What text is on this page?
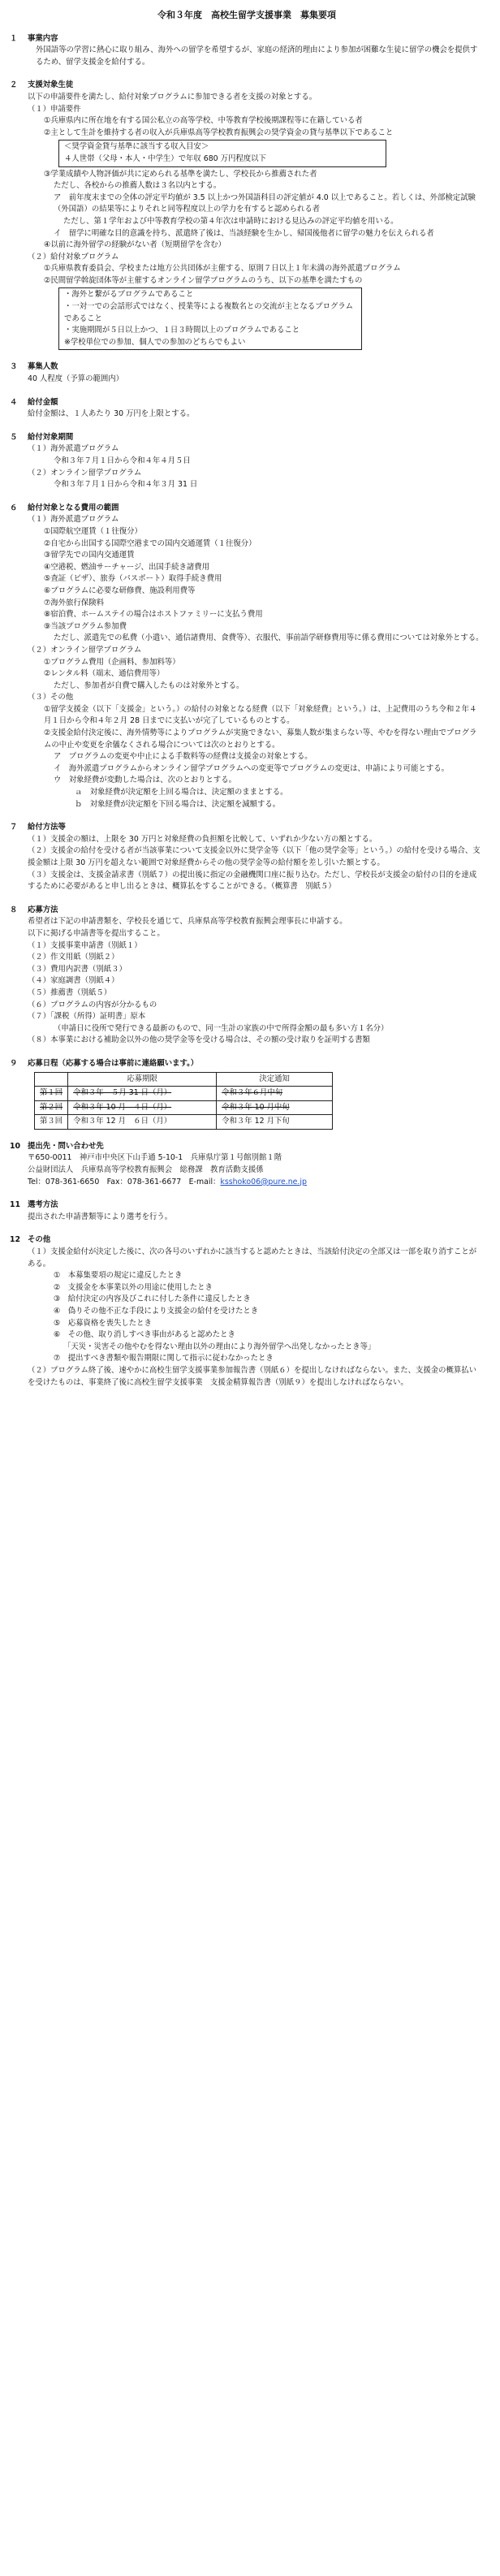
令和３年度　高校生留学支援事業　募集要項
１	事業内容

外国語等の学習に熱心に取り組み、海外への留学を希望するが、家庭の経済的理由により参加が困難な生徒に留学の機会を提供するため、留学支援金を給付する。

２	支援対象生徒

以下の申請要件を満たし、給付対象プログラムに参加できる者を支援の対象とする。

（１）申請要件

①兵庫県内に所在地を有する国公私立の高等学校、中等教育学校後期課程等に在籍している者

②主として生計を維持する者の収入が兵庫県高等学校教育振興会の奨学資金の貸与基準以下であること

＜奨学資金貸与基準に該当する収入目安＞

４人世帯（父母・本人・中学生）で年収 680 万円程度以下

③学業成績や人物評価が共に定められる基準を満たし、学校長から推薦された者

ただし、各校からの推薦人数は３名以内とする。

ア　前年度末までの全体の評定平均値が 3.5 以上かつ外国語科目の評定値が 4.0 以上であること。若しくは、外部検定試験（外国語）の結果等によりそれと同等程度以上の学力を有すると認められる者

ただし、第１学年および中等教育学校の第４年次は申請時における見込みの評定平均値を用いる。

イ　留学に明確な目的意識を持ち、派遣終了後は、当該経験を生かし、帰国後他者に留学の魅力を伝えられる者

④以前に海外留学の経験がない者（短期留学を含む）

（２）給付対象プログラム

①兵庫県教育委員会、学校または地方公共団体が主催する、原則７日以上１年未満の海外派遣プログラム

②民間留学斡旋団体等が主催するオンライン留学プログラムのうち、以下の基準を満たすもの

・海外と繋がるプログラムであること

・一対一での会話形式ではなく、授業等による複数名との交流が主となるプログラムであること

・実施期間が５日以上かつ、１日３時間以上のプログラムであること

※学校単位での参加、個人での参加のどちらでもよい

３	募集人数

40 人程度（予算の範囲内）

４	給付金額

給付金額は、１人あたり 30 万円を上限とする。

５	給付対象期間

（１）海外派遣プログラム

令和３年７月１日から令和４年４月５日

（２）オンライン留学プログラム

令和３年７月１日から令和４年３月 31 日

６	給付対象となる費用の範囲

（１）海外派遣プログラム

①国際航空運賃（１往復分）

②自宅から出国する国際空港までの国内交通運賃（１往復分）

③留学先での国内交通運賃

④空港税、燃油サーチャージ、出国手続き諸費用

⑤査証（ビザ）、旅券（パスポート）取得手続き費用

⑥プログラムに必要な研修費、施設利用費等

⑦海外旅行保険料

⑧宿泊費、ホームステイの場合はホストファミリーに支払う費用

⑨当該プログラム参加費

ただし、派遣先での私費（小遣い、通信諸費用、食費等）、衣服代、事前語学研修費用等に係る費用については対象外とする。

（２）オンライン留学プログラム

①プログラム費用（企画料、参加料等）

②レンタル料（端末、通信費用等）

ただし、参加者が自費で購入したものは対象外とする。

（３）その他

①留学支援金（以下「支援金」という。）の給付の対象となる経費（以下「対象経費」という。）は、上記費用のうち令和２年４月１日から令和４年２月 28 日までに支払いが完了しているものとする。

②支援金給付決定後に、海外情勢等によりプログラムが実施できない、募集人数が集まらない等、やむを得ない理由でプログラムの中止や変更を余儀なくされる場合については次のとおりとする。

ア　プログラムの変更や中止による手数料等の経費は支援金の対象とする。

イ　海外派遣プログラムからオンライン留学プログラムへの変更等でプログラムの変更は、申請により可能とする。

ウ　対象経費が変動した場合は、次のとおりとする。

ａ　対象経費が決定額を上回る場合は、決定額のままとする。

ｂ　対象経費が決定額を下回る場合は、決定額を減額する。

７	給付方法等

（１）支援金の額は、上限を 30 万円と対象経費の負担額を比較して、いずれか少ない方の額とする。

（２）支援金の給付を受ける者が当該事業について支援金以外に奨学金等（以下「他の奨学金等」という。）の給付を受ける場合、支援金額は上限 30 万円を超えない範囲で対象経費からその他の奨学金等の給付額を差し引いた額とする。

（３）支援金は、支援金請求書（別紙７）の提出後に指定の金融機関口座に振り込む。ただし、学校長が支援金の給付の目的を達成するために必要があると申し出るときは、概算払をすることができる。（概算書　別紙５）

８	応募方法

希望者は下記の申請書類を、学校長を通じて、兵庫県高等学校教育振興会理事長に申請する。

以下に掲げる申請書等を提出すること。

（１）支援事業申請書（別紙１）

（２）作文用紙（別紙２）

（３）費用内訳書（別紙３）

（４）家庭調書（別紙４）

（５）推薦書（別紙５）

（６）プログラムの内容が分かるもの

（７）「課税（所得）証明書」原本

（申請日に役所で発行できる最新のもので、同一生計の家族の中で所得金額の最も多い方１名分）

（８）本事業における補助金以外の他の奨学金等を受ける場合は、その額の受け取りを証明する書類

９	応募日程（応募する場合は事前に連絡願います。）
	応募期限	決定通知
第１回	令和３年　５月 31 日（月）	令和３年６月中旬
第２回	令和３年 10 月　４日（月）	令和３年 10 月中旬
第３回	令和３年 12 月　６日（月）	令和３年 12 月下旬
10 提出先・問い合わせ先

〒650-0011　神戸市中央区下山手通 5-10-1　兵庫県庁第１号館別館１階

公益財団法人　兵庫県高等学校教育振興会　総務課　教育活動支援係

Tel：078-361-6650　Fax：078-361-6677　E-mail：ksshoko06@pure.ne.jp

11 選考方法

提出された申請書類等により選考を行う。

12 その他

（１）支援金給付が決定した後に、次の各号のいずれかに該当すると認めたときは、当該給付決定の全部又は一部を取り消すことがある。

①　本募集要項の規定に違反したとき

②　支援金を本事業以外の用途に使用したとき

③　給付決定の内容及びこれに付した条件に違反したとき

④　偽りその他不正な手段により支援金の給付を受けたとき

⑤　応募資格を喪失したとき

⑥　その他、取り消しすべき事由があると認めたとき

「天災・災害その他やむを得ない理由以外の理由により海外留学へ出発しなかったとき等」

⑦　提出すべき書類や報告期限に関して指示に従わなかったとき

（２）プログラム終了後、速やかに高校生留学支援事業参加報告書（別紙６）を提出しなければならない。また、支援金の概算払いを受けたものは、事業終了後に高校生留学支援事業　支援金精算報告書（別紙９）を提出しなければならない。
